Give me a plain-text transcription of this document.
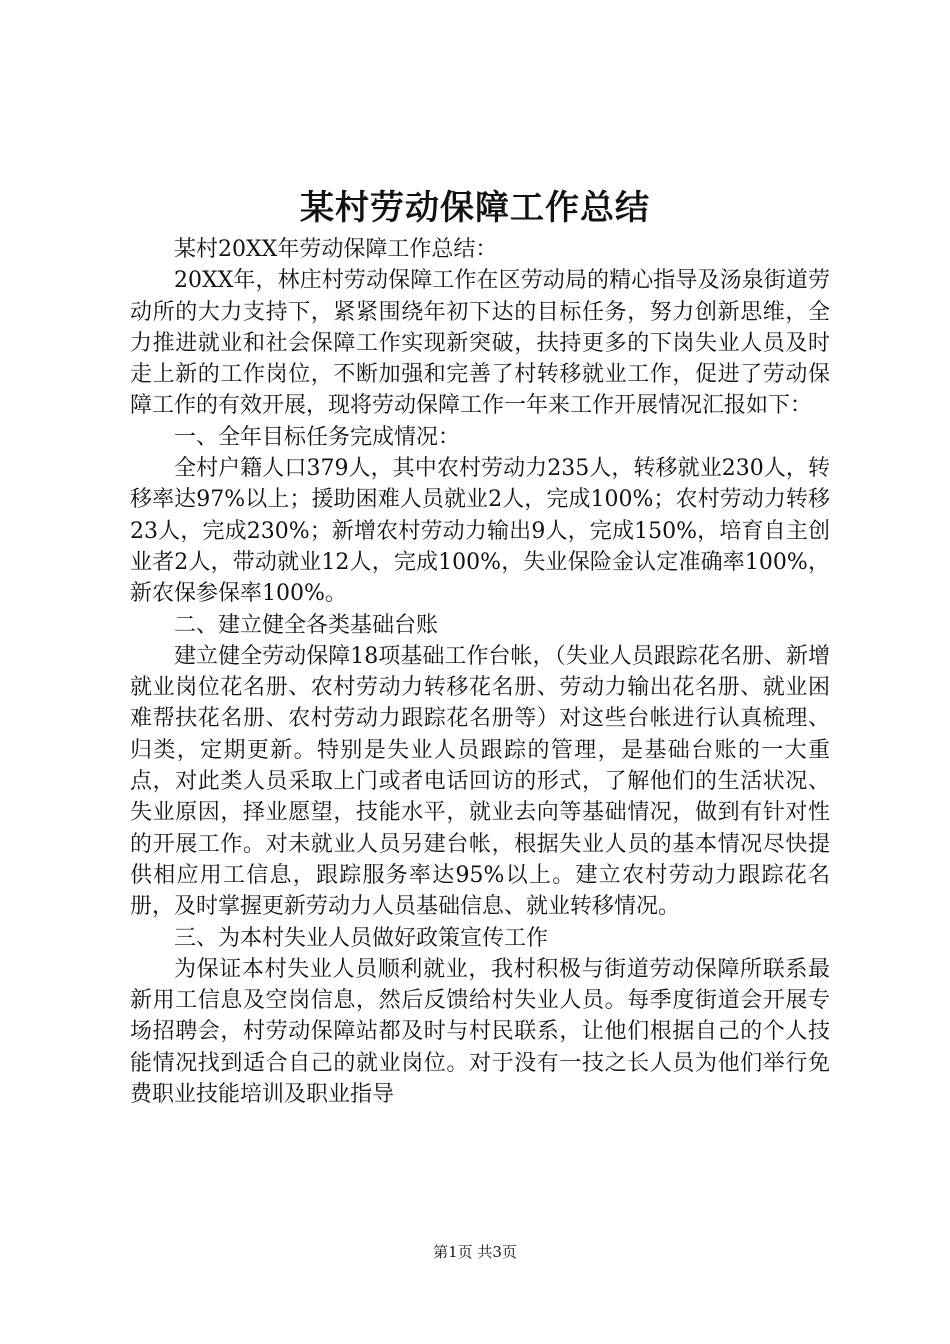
某村劳动保障工作总结

某村20XX年劳动保障工作总结：

20XX年，林庄村劳动保障工作在区劳动局的精心指导及汤泉街道劳动所的大力支持下，紧紧围绕年初下达的目标任务，努力创新思维，全力推进就业和社会保障工作实现新突破，扶持更多的下岗失业人员及时走上新的工作岗位，不断加强和完善了村转移就业工作，促进了劳动保障工作的有效开展，现将劳动保障工作一年来工作开展情况汇报如下：

一、全年目标任务完成情况：

全村户籍人口379人，其中农村劳动力235人，转移就业230人，转移率达97%以上；援助困难人员就业2人，完成100%；农村劳动力转移23人，完成230%；新增农村劳动力输出9人，完成150%，培育自主创业者2人，带动就业12人，完成100%，失业保险金认定准确率100%，新农保参保率100%。

二、建立健全各类基础台账

建立健全劳动保障18项基础工作台帐，（失业人员跟踪花名册、新增就业岗位花名册、农村劳动力转移花名册、劳动力输出花名册、就业困难帮扶花名册、农村劳动力跟踪花名册等）对这些台帐进行认真梳理、归类，定期更新。特别是失业人员跟踪的管理，是基础台账的一大重点，对此类人员采取上门或者电话回访的形式，了解他们的生活状况、失业原因，择业愿望，技能水平，就业去向等基础情况，做到有针对性的开展工作。对未就业人员另建台帐，根据失业人员的基本情况尽快提供相应用工信息，跟踪服务率达95%以上。建立农村劳动力跟踪花名册，及时掌握更新劳动力人员基础信息、就业转移情况。

三、为本村失业人员做好政策宣传工作

为保证本村失业人员顺利就业，我村积极与街道劳动保障所联系最新用工信息及空岗信息，然后反馈给村失业人员。每季度街道会开展专场招聘会，村劳动保障站都及时与村民联系，让他们根据自己的个人技能情况找到适合自己的就业岗位。对于没有一技之长人员为他们举行免费职业技能培训及职业指导

第1页 共3页
